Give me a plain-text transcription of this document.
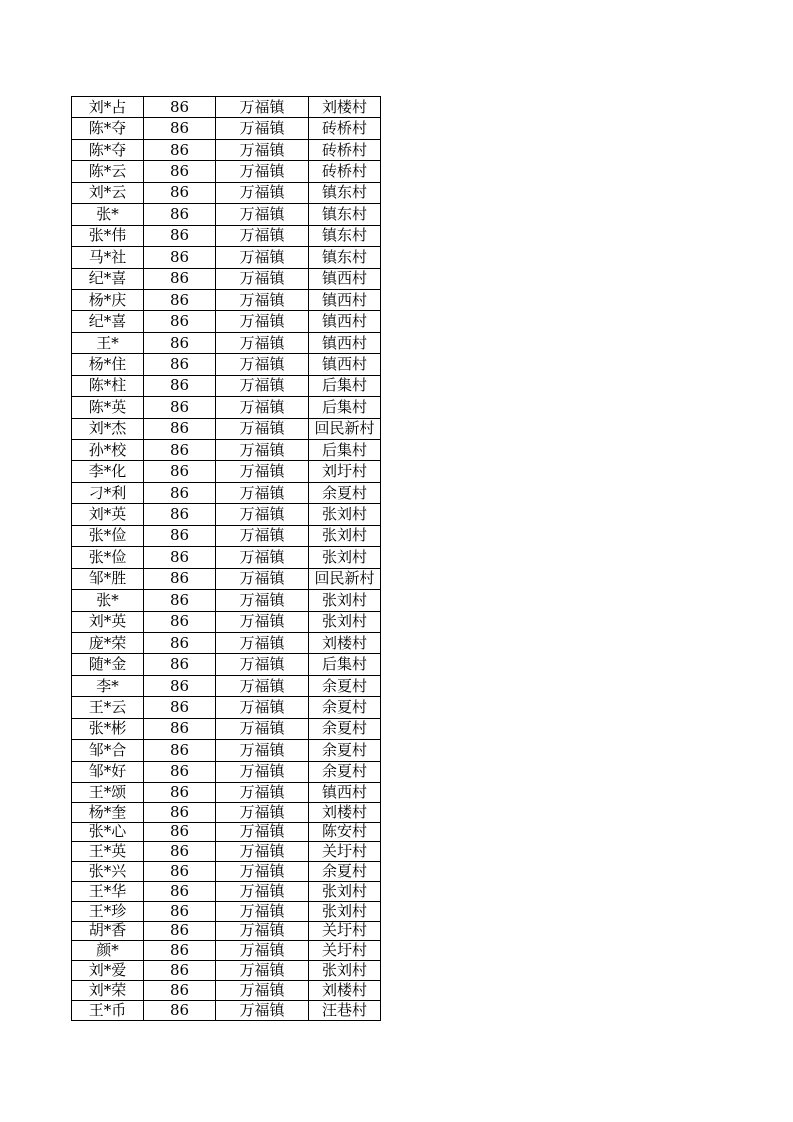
刘*占	86	万福镇	刘楼村
陈*夺	86	万福镇	砖桥村
陈*夺	86	万福镇	砖桥村
陈*云	86	万福镇	砖桥村
刘*云	86	万福镇	镇东村
张*	86	万福镇	镇东村
张*伟	86	万福镇	镇东村
马*社	86	万福镇	镇东村
纪*喜	86	万福镇	镇西村
杨*庆	86	万福镇	镇西村
纪*喜	86	万福镇	镇西村
王*	86	万福镇	镇西村
杨*住	86	万福镇	镇西村
陈*柱	86	万福镇	后集村
陈*英	86	万福镇	后集村
刘*杰	86	万福镇	回民新村
孙*校	86	万福镇	后集村
李*化	86	万福镇	刘圩村
刁*利	86	万福镇	余夏村
刘*英	86	万福镇	张刘村
张*俭	86	万福镇	张刘村
张*俭	86	万福镇	张刘村
邹*胜	86	万福镇	回民新村
张*	86	万福镇	张刘村
刘*英	86	万福镇	张刘村
庞*荣	86	万福镇	刘楼村
随*金	86	万福镇	后集村
李*	86	万福镇	余夏村
王*云	86	万福镇	余夏村
张*彬	86	万福镇	余夏村
邹*合	86	万福镇	余夏村
邹*好	86	万福镇	余夏村
王*颂	86	万福镇	镇西村
杨*奎	86	万福镇	刘楼村
张*心	86	万福镇	陈安村
王*英	86	万福镇	关圩村
张*兴	86	万福镇	余夏村
王*华	86	万福镇	张刘村
王*珍	86	万福镇	张刘村
胡*香	86	万福镇	关圩村
颜*	86	万福镇	关圩村
刘*爱	86	万福镇	张刘村
刘*荣	86	万福镇	刘楼村
王*币	86	万福镇	汪巷村
